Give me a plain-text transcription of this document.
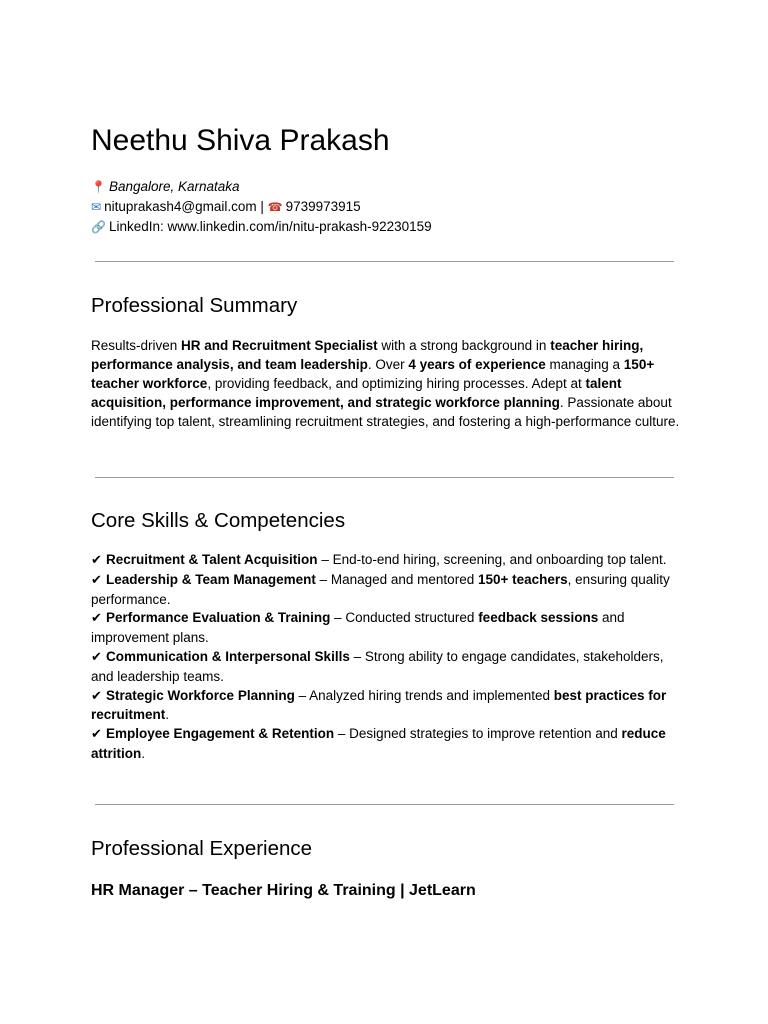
Neethu Shiva Prakash
📍 Bangalore, Karnataka
✉ nituprakash4@gmail.com | ☎ 9739973915
🔗 LinkedIn: www.linkedin.com/in/nitu-prakash-92230159
Professional Summary

Results-driven HR and Recruitment Specialist with a strong background in teacher hiring, performance analysis, and team leadership. Over 4 years of experience managing a 150+ teacher workforce, providing feedback, and optimizing hiring processes. Adept at talent acquisition, performance improvement, and strategic workforce planning. Passionate about identifying top talent, streamlining recruitment strategies, and fostering a high-performance culture.

Core Skills & Competencies
✔ Recruitment & Talent Acquisition – End-to-end hiring, screening, and onboarding top talent.
✔ Leadership & Team Management – Managed and mentored 150+ teachers, ensuring quality performance.
✔ Performance Evaluation & Training – Conducted structured feedback sessions and improvement plans.
✔ Communication & Interpersonal Skills – Strong ability to engage candidates, stakeholders, and leadership teams.
✔ Strategic Workforce Planning – Analyzed hiring trends and implemented best practices for recruitment.
✔ Employee Engagement & Retention – Designed strategies to improve retention and reduce attrition.
Professional Experience
HR Manager – Teacher Hiring & Training | JetLearn
